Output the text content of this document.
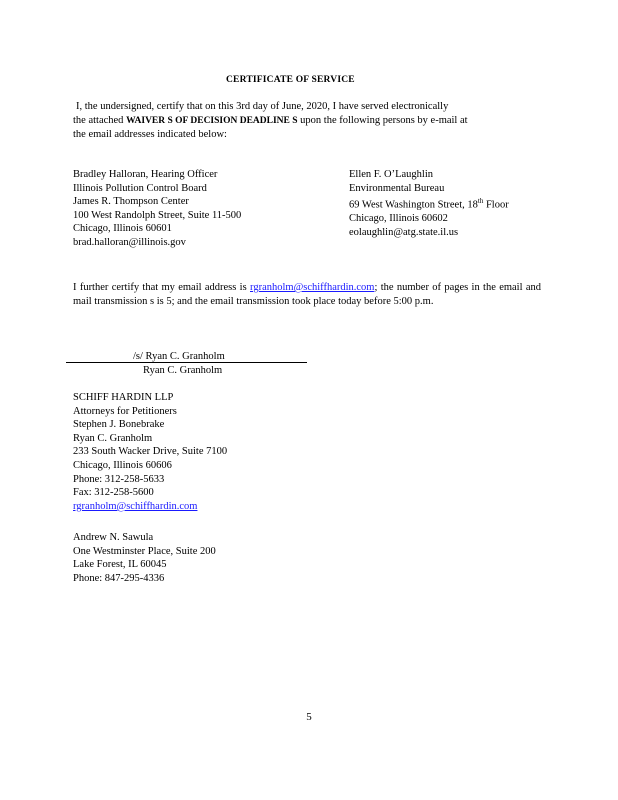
CERTIFICATE OF SERVICE
I, the undersigned, certify that on this 3rd day of June, 2020, I have served electronically
the attached WAIVER S OF DECISION DEADLINE S upon the following persons by e-mail at
the email addresses indicated below:
Bradley Halloran, Hearing Officer
Illinois Pollution Control Board
James R. Thompson Center
100 West Randolph Street, Suite 11-500
Chicago, Illinois 60601
brad.halloran@illinois.gov
Ellen F. O’Laughlin
Environmental Bureau
69 West Washington Street, 18th Floor
Chicago, Illinois 60602
eolaughlin@atg.state.il.us
I further certify that my email address is rgranholm@schiffhardin.com; the number of pages in the email and mail transmission s is 5; and the email transmission took place today before 5:00 p.m.
/s/ Ryan C. Granholm
Ryan C. Granholm
SCHIFF HARDIN LLP
Attorneys for Petitioners
Stephen J. Bonebrake
Ryan C. Granholm
233 South Wacker Drive, Suite 7100
Chicago, Illinois 60606
Phone: 312-258-5633
Fax: 312-258-5600
rgranholm@schiffhardin.com
Andrew N. Sawula
One Westminster Place, Suite 200
Lake Forest, IL 60045
Phone: 847-295-4336
5
